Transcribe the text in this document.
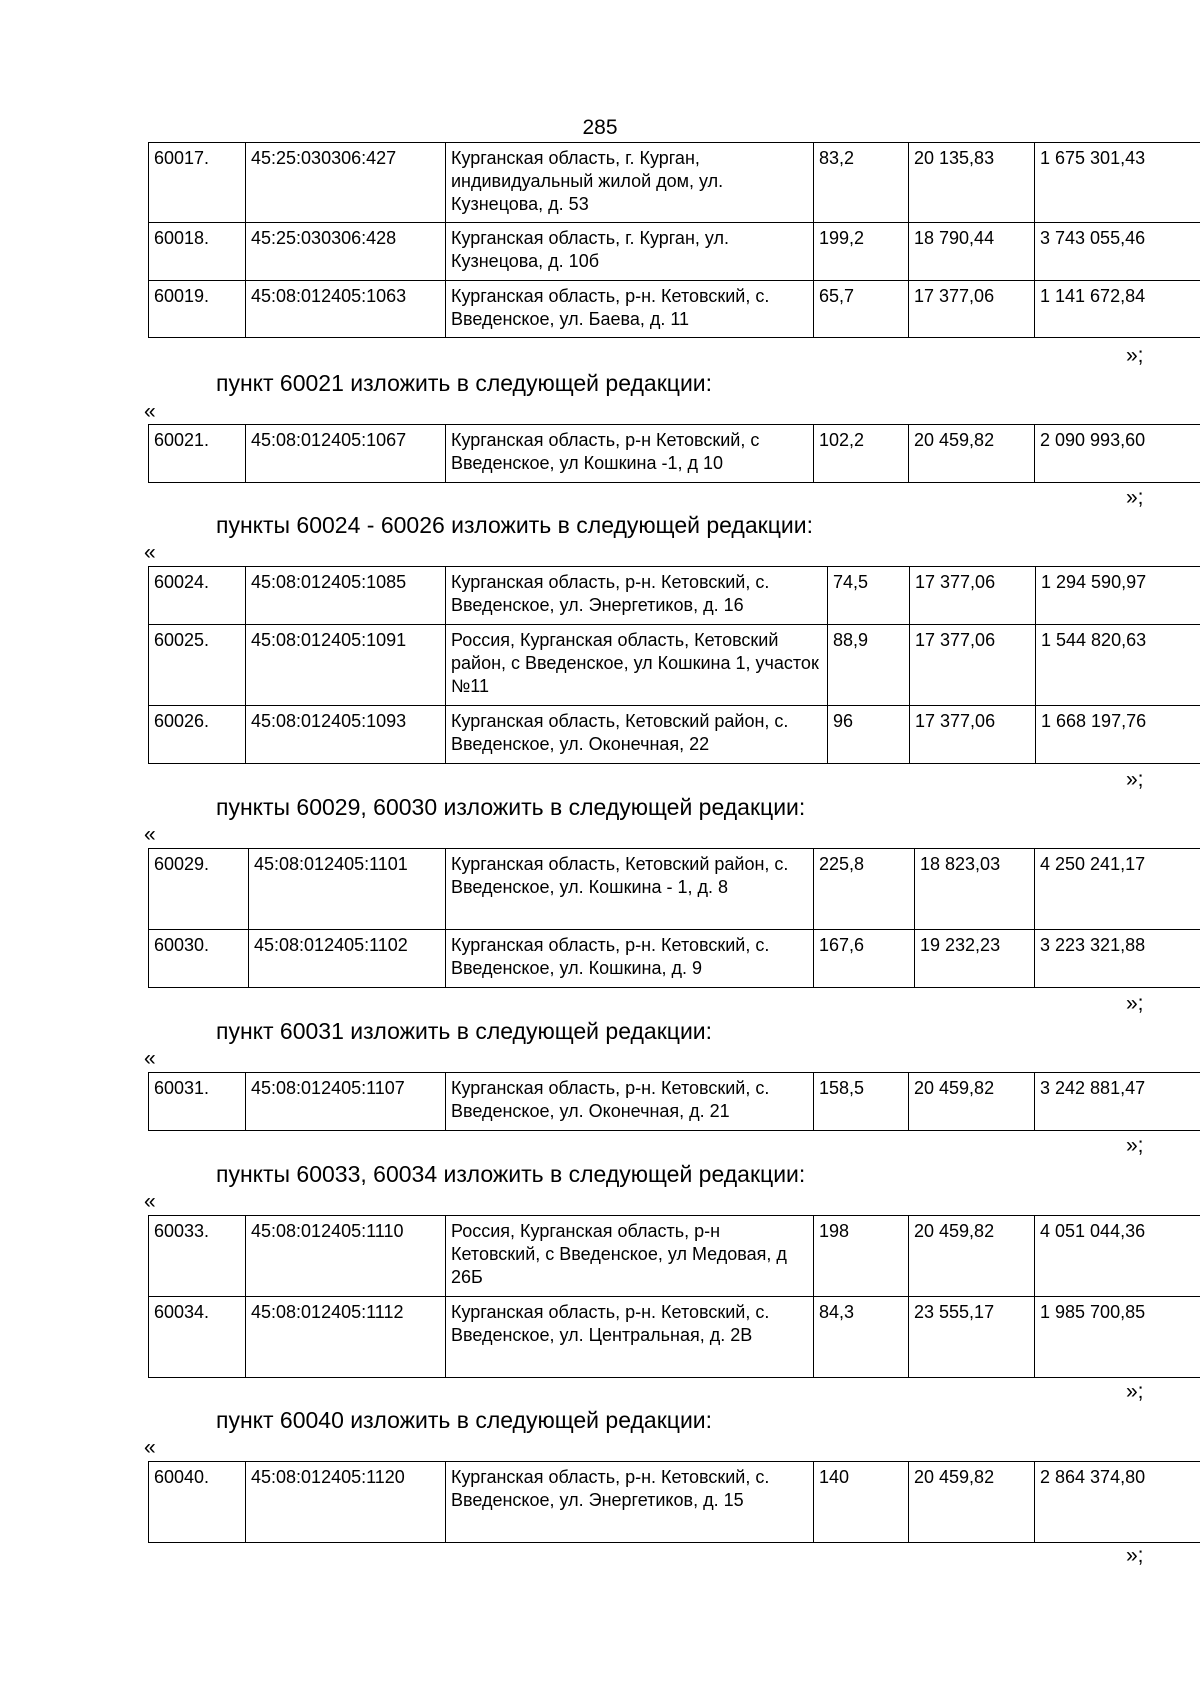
285
60017.	45:25:030306:427	Курганская область, г. Курган, индивидуальный жилой дом, ул. Кузнецова, д. 53	83,2	20 135,83	1 675 301,43
60018.	45:25:030306:428	Курганская область, г. Курган, ул. Кузнецова, д. 10б	199,2	18 790,44	3 743 055,46
60019.	45:08:012405:1063	Курганская область, р-н. Кетовский, с. Введенское, ул. Баева, д. 11	65,7	17 377,06	1 141 672,84
»;
пункт 60021 изложить в следующей редакции:
«
60021.	45:08:012405:1067	Курганская область, р-н Кетовский, с Введенское, ул Кошкина -1, д 10	102,2	20 459,82	2 090 993,60
»;
пункты 60024 - 60026 изложить в следующей редакции:
«
60024.	45:08:012405:1085	Курганская область, р-н. Кетовский, с. Введенское, ул. Энергетиков, д. 16	74,5	17 377,06	1 294 590,97
60025.	45:08:012405:1091	Россия, Курганская область, Кетовский район, с Введенское, ул Кошкина 1, участок №11	88,9	17 377,06	1 544 820,63
60026.	45:08:012405:1093	Курганская область, Кетовский район, с. Введенское, ул. Оконечная, 22	96	17 377,06	1 668 197,76
»;
пункты 60029, 60030 изложить в следующей редакции:
«
60029.	45:08:012405:1101	Курганская область, Кетовский район, с. Введенское, ул. Кошкина - 1, д. 8	225,8	18 823,03	4 250 241,17
60030.	45:08:012405:1102	Курганская область, р-н. Кетовский, с. Введенское, ул. Кошкина, д. 9	167,6	19 232,23	3 223 321,88
»;
пункт 60031 изложить в следующей редакции:
«
60031.	45:08:012405:1107	Курганская область, р-н. Кетовский, с. Введенское, ул. Оконечная, д. 21	158,5	20 459,82	3 242 881,47
»;
пункты 60033, 60034 изложить в следующей редакции:
«
60033.	45:08:012405:1110	Россия, Курганская область, р-н Кетовский, с Введенское, ул Медовая, д 26Б	198	20 459,82	4 051 044,36
60034.	45:08:012405:1112	Курганская область, р-н. Кетовский, с. Введенское, ул. Центральная, д. 2В	84,3	23 555,17	1 985 700,85
»;
пункт 60040 изложить в следующей редакции:
«
60040.	45:08:012405:1120	Курганская область, р-н. Кетовский, с. Введенское, ул. Энергетиков, д. 15	140	20 459,82	2 864 374,80
»;
